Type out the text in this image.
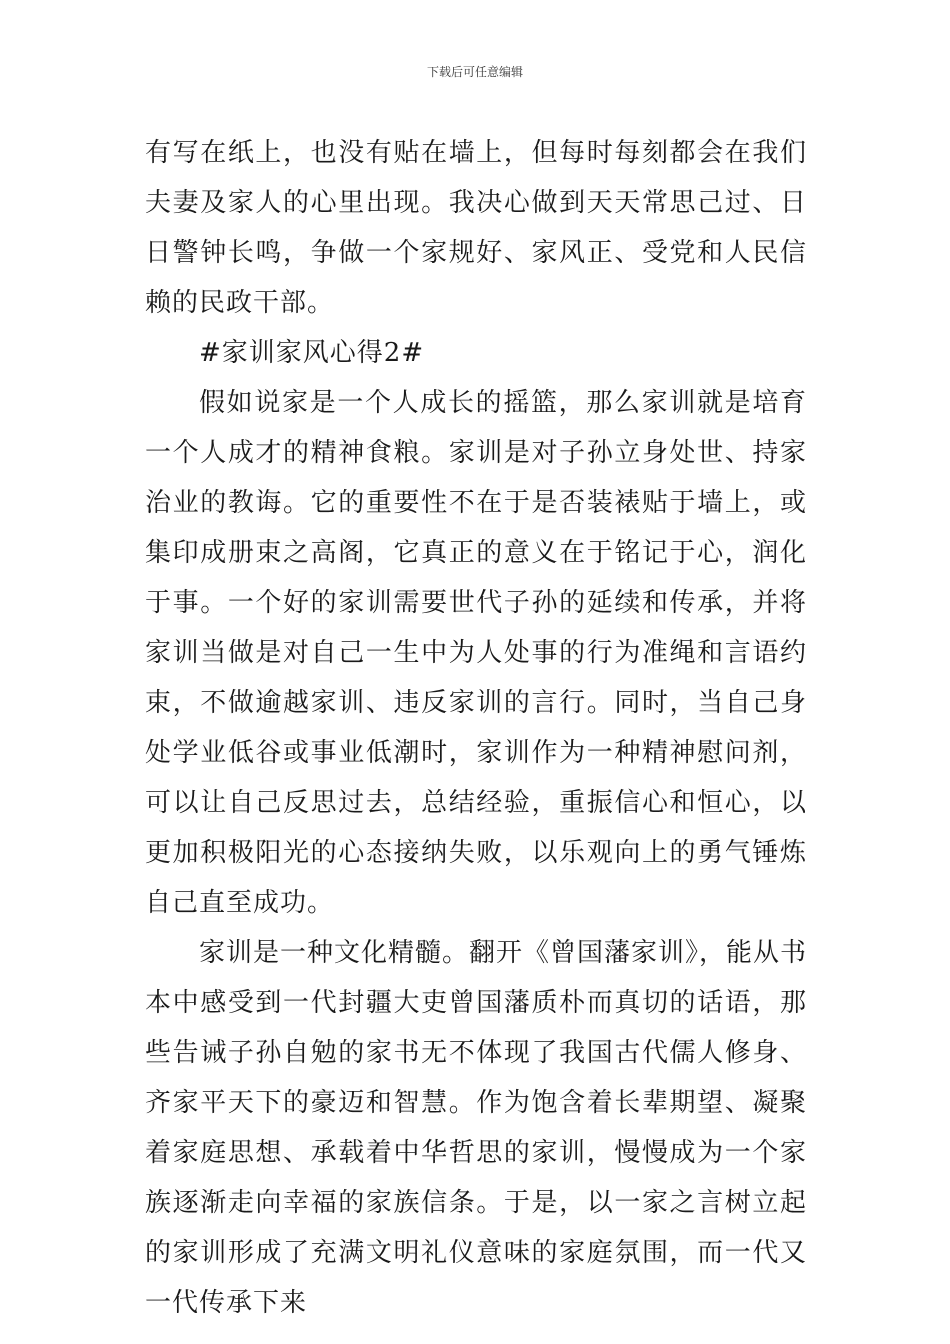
下载后可任意编辑

有写在纸上，也没有贴在墙上，但每时每刻都会在我们夫妻及家人的心里出现。我决心做到天天常思己过、日日警钟长鸣，争做一个家规好、家风正、受党和人民信赖的民政干部。

#家训家风心得2#

假如说家是一个人成长的摇篮，那么家训就是培育一个人成才的精神食粮。家训是对子孙立身处世、持家治业的教诲。它的重要性不在于是否装裱贴于墙上，或集印成册束之高阁，它真正的意义在于铭记于心，润化于事。一个好的家训需要世代子孙的延续和传承，并将家训当做是对自己一生中为人处事的行为准绳和言语约束，不做逾越家训、违反家训的言行。同时，当自己身处学业低谷或事业低潮时，家训作为一种精神慰问剂，可以让自己反思过去，总结经验，重振信心和恒心，以更加积极阳光的心态接纳失败，以乐观向上的勇气锤炼自己直至成功。

家训是一种文化精髓。翻开《曾国藩家训》，能从书本中感受到一代封疆大吏曾国藩质朴而真切的话语，那些告诫子孙自勉的家书无不体现了我国古代儒人修身、齐家平天下的豪迈和智慧。作为饱含着长辈期望、凝聚着家庭思想、承载着中华哲思的家训，慢慢成为一个家族逐渐走向幸福的家族信条。于是，以一家之言树立起的家训形成了充满文明礼仪意味的家庭氛围，而一代又一代传承下来
